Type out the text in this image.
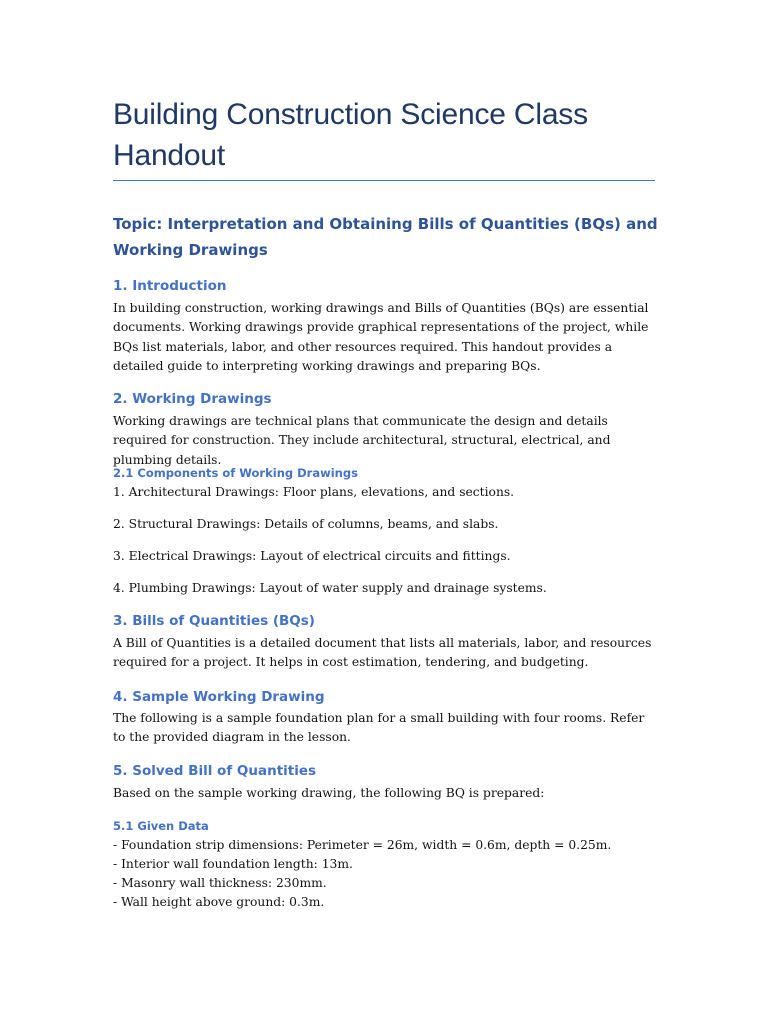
Building Construction Science Class Handout
Topic: Interpretation and Obtaining Bills of Quantities (BQs) and Working Drawings
1. Introduction

In building construction, working drawings and Bills of Quantities (BQs) are essential documents. Working drawings provide graphical representations of the project, while BQs list materials, labor, and other resources required. This handout provides a detailed guide to interpreting working drawings and preparing BQs.

2. Working Drawings

Working drawings are technical plans that communicate the design and details required for construction. They include architectural, structural, electrical, and plumbing details.

2.1 Components of Working Drawings

1. Architectural Drawings: Floor plans, elevations, and sections.

2. Structural Drawings: Details of columns, beams, and slabs.

3. Electrical Drawings: Layout of electrical circuits and fittings.

4. Plumbing Drawings: Layout of water supply and drainage systems.

3. Bills of Quantities (BQs)

A Bill of Quantities is a detailed document that lists all materials, labor, and resources required for a project. It helps in cost estimation, tendering, and budgeting.

4. Sample Working Drawing

The following is a sample foundation plan for a small building with four rooms. Refer to the provided diagram in the lesson.

5. Solved Bill of Quantities

Based on the sample working drawing, the following BQ is prepared:

5.1 Given Data

- Foundation strip dimensions: Perimeter = 26m, width = 0.6m, depth = 0.25m.

- Interior wall foundation length: 13m.

- Masonry wall thickness: 230mm.

- Wall height above ground: 0.3m.
